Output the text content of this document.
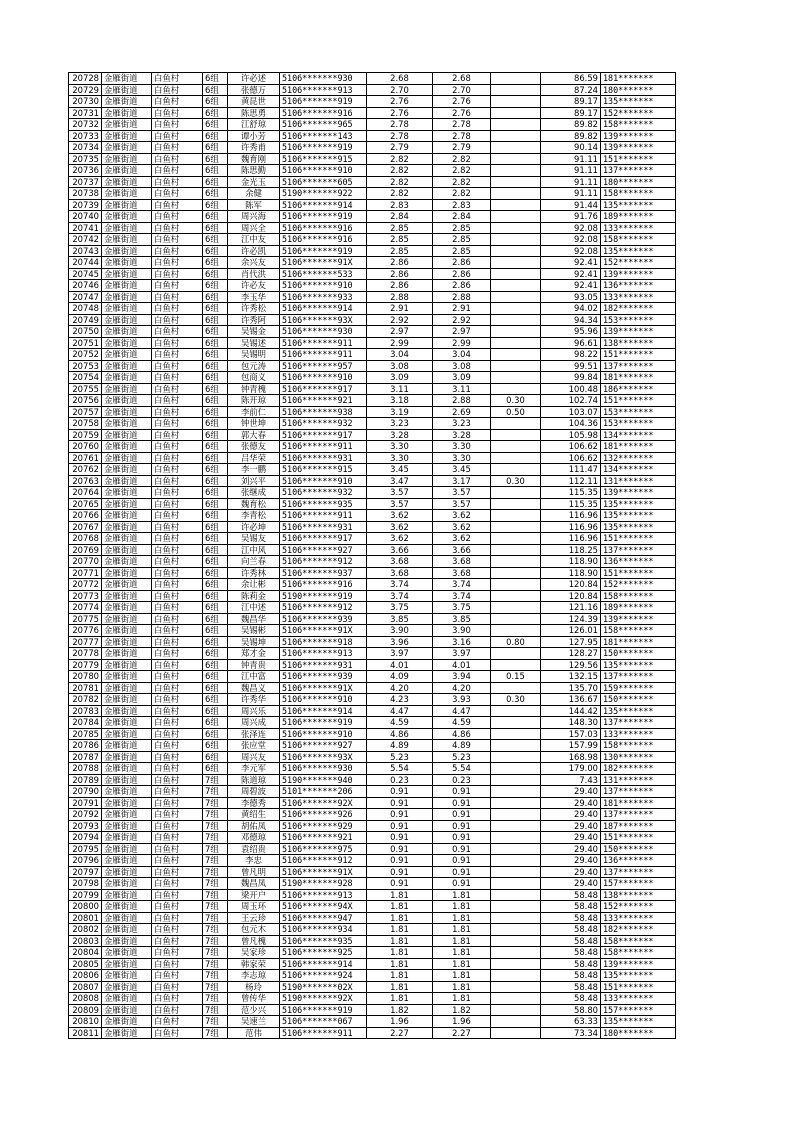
20728	金雁街道	白鱼村	6组	许必述	5106*******930	2.68	2.68		86.59	181*******
20729	金雁街道	白鱼村	6组	张德万	5106*******913	2.70	2.70		87.24	180*******
20730	金雁街道	白鱼村	6组	黄昆世	5106*******919	2.76	2.76		89.17	135*******
20731	金雁街道	白鱼村	6组	陈思勇	5106*******916	2.76	2.76		89.17	152*******
20732	金雁街道	白鱼村	6组	江舒琼	5106*******965	2.78	2.78		89.82	158*******
20733	金雁街道	白鱼村	6组	谭小芳	5106*******143	2.78	2.78		89.82	139*******
20734	金雁街道	白鱼村	6组	许秀甫	5106*******919	2.79	2.79		90.14	139*******
20735	金雁街道	白鱼村	6组	魏育刚	5106*******915	2.82	2.82		91.11	151*******
20736	金雁街道	白鱼村	6组	陈思勤	5106*******910	2.82	2.82		91.11	137*******
20737	金雁街道	白鱼村	6组	金光玉	5106*******605	2.82	2.82		91.11	180*******
20738	金雁街道	白鱼村	6组	余健	5190*******922	2.82	2.82		91.11	158*******
20739	金雁街道	白鱼村	6组	陈军	5106*******914	2.83	2.83		91.44	135*******
20740	金雁街道	白鱼村	6组	周兴海	5106*******919	2.84	2.84		91.76	189*******
20741	金雁街道	白鱼村	6组	周兴全	5106*******916	2.85	2.85		92.08	133*******
20742	金雁街道	白鱼村	6组	江中友	5106*******916	2.85	2.85		92.08	158*******
20743	金雁街道	白鱼村	6组	许必凯	5106*******919	2.85	2.85		92.08	135*******
20744	金雁街道	白鱼村	6组	余兴友	5106*******91X	2.86	2.86		92.41	152*******
20745	金雁街道	白鱼村	6组	肖代洪	5106*******533	2.86	2.86		92.41	139*******
20746	金雁街道	白鱼村	6组	许必友	5106*******910	2.86	2.86		92.41	136*******
20747	金雁街道	白鱼村	6组	李玉华	5106*******933	2.88	2.88		93.05	133*******
20748	金雁街道	白鱼村	6组	许秀松	5106*******914	2.91	2.91		94.02	182*******
20749	金雁街道	白鱼村	6组	许秀阿	5106*******93X	2.92	2.92		94.34	153*******
20750	金雁街道	白鱼村	6组	吴锡金	5106*******930	2.97	2.97		95.96	139*******
20751	金雁街道	白鱼村	6组	吴锡述	5106*******911	2.99	2.99		96.61	138*******
20752	金雁街道	白鱼村	6组	吴锡明	5106*******911	3.04	3.04		98.22	151*******
20753	金雁街道	白鱼村	6组	包元涛	5106*******957	3.08	3.08		99.51	137*******
20754	金雁街道	白鱼村	6组	包商义	5106*******910	3.09	3.09		99.84	181*******
20755	金雁街道	白鱼村	6组	钟青槐	5106*******917	3.11	3.11		100.48	186*******
20756	金雁街道	白鱼村	6组	陈开琼	5106*******921	3.18	2.88	0.30	102.74	151*******
20757	金雁街道	白鱼村	6组	李前仁	5106*******938	3.19	2.69	0.50	103.07	153*******
20758	金雁街道	白鱼村	6组	钟世坤	5106*******932	3.23	3.23		104.36	153*******
20759	金雁街道	白鱼村	6组	郭大春	5106*******917	3.28	3.28		105.98	134*******
20760	金雁街道	白鱼村	6组	张德友	5106*******911	3.30	3.30		106.62	181*******
20761	金雁街道	白鱼村	6组	吕华荣	5106*******931	3.30	3.30		106.62	132*******
20762	金雁街道	白鱼村	6组	李一鹏	5106*******915	3.45	3.45		111.47	134*******
20763	金雁街道	白鱼村	6组	刘兴平	5106*******910	3.47	3.17	0.30	112.11	131*******
20764	金雁街道	白鱼村	6组	张继成	5106*******932	3.57	3.57		115.35	139*******
20765	金雁街道	白鱼村	6组	魏育松	5106*******935	3.57	3.57		115.35	135*******
20766	金雁街道	白鱼村	6组	李青松	5106*******911	3.62	3.62		116.96	135*******
20767	金雁街道	白鱼村	6组	许必坤	5106*******931	3.62	3.62		116.96	135*******
20768	金雁街道	白鱼村	6组	吴锡友	5106*******917	3.62	3.62		116.96	151*******
20769	金雁街道	白鱼村	6组	江中风	5106*******927	3.66	3.66		118.25	137*******
20770	金雁街道	白鱼村	6组	向兰春	5106*******912	3.68	3.68		118.90	136*******
20771	金雁街道	白鱼村	6组	许秀林	5106*******937	3.68	3.68		118.90	151*******
20772	金雁街道	白鱼村	6组	余让彬	5106*******916	3.74	3.74		120.84	152*******
20773	金雁街道	白鱼村	6组	陈莉金	5190*******919	3.74	3.74		120.84	158*******
20774	金雁街道	白鱼村	6组	江中述	5106*******912	3.75	3.75		121.16	189*******
20775	金雁街道	白鱼村	6组	魏昌华	5106*******939	3.85	3.85		124.39	139*******
20776	金雁街道	白鱼村	6组	吴锡彬	5106*******91X	3.90	3.90		126.01	158*******
20777	金雁街道	白鱼村	6组	吴锡坤	5106*******918	3.96	3.16	0.80	127.95	181*******
20778	金雁街道	白鱼村	6组	郑才金	5106*******913	3.97	3.97		128.27	150*******
20779	金雁街道	白鱼村	6组	钟青贵	5106*******931	4.01	4.01		129.56	135*******
20780	金雁街道	白鱼村	6组	江中富	5106*******939	4.09	3.94	0.15	132.15	137*******
20781	金雁街道	白鱼村	6组	魏昌义	5106*******91X	4.20	4.20		135.70	159*******
20782	金雁街道	白鱼村	6组	许秀华	5106*******910	4.23	3.93	0.30	136.67	150*******
20783	金雁街道	白鱼村	6组	周兴乐	5106*******914	4.47	4.47		144.42	135*******
20784	金雁街道	白鱼村	6组	周兴成	5106*******919	4.59	4.59		148.30	137*******
20785	金雁街道	白鱼村	6组	张泽连	5106*******910	4.86	4.86		157.03	133*******
20786	金雁街道	白鱼村	6组	张应堂	5106*******927	4.89	4.89		157.99	158*******
20787	金雁街道	白鱼村	6组	周兴友	5106*******93X	5.23	5.23		168.98	130*******
20788	金雁街道	白鱼村	6组	李元军	5106*******930	5.54	5.54		179.00	182*******
20789	金雁街道	白鱼村	7组	陈道琼	5190*******940	0.23	0.23		7.43	131*******
20790	金雁街道	白鱼村	7组	周碧波	5101*******206	0.91	0.91		29.40	137*******
20791	金雁街道	白鱼村	7组	李德秀	5106*******92X	0.91	0.91		29.40	181*******
20792	金雁街道	白鱼村	7组	黄绍生	5106*******926	0.91	0.91		29.40	137*******
20793	金雁街道	白鱼村	7组	胡佑凤	5106*******929	0.91	0.91		29.40	187*******
20794	金雁街道	白鱼村	7组	邓德琼	5106*******921	0.91	0.91		29.40	151*******
20795	金雁街道	白鱼村	7组	袁绍贵	5106*******975	0.91	0.91		29.40	150*******
20796	金雁街道	白鱼村	7组	李忠	5106*******912	0.91	0.91		29.40	136*******
20797	金雁街道	白鱼村	7组	曾凡明	5106*******91X	0.91	0.91		29.40	137*******
20798	金雁街道	白鱼村	7组	魏昌凤	5190*******928	0.91	0.91		29.40	157*******
20799	金雁街道	白鱼村	7组	梁开户	5106*******913	1.81	1.81		58.48	138*******
20800	金雁街道	白鱼村	7组	周玉环	5106*******94X	1.81	1.81		58.48	152*******
20801	金雁街道	白鱼村	7组	王云珍	5106*******947	1.81	1.81		58.48	133*******
20802	金雁街道	白鱼村	7组	包元木	5106*******934	1.81	1.81		58.48	182*******
20803	金雁街道	白鱼村	7组	曾凡槐	5106*******935	1.81	1.81		58.48	158*******
20804	金雁街道	白鱼村	7组	吴家珍	5106*******925	1.81	1.81		58.48	158*******
20805	金雁街道	白鱼村	7组	韩家荣	5106*******914	1.81	1.81		58.48	139*******
20806	金雁街道	白鱼村	7组	李志琼	5106*******924	1.81	1.81		58.48	135*******
20807	金雁街道	白鱼村	7组	杨玲	5190*******02X	1.81	1.81		58.48	151*******
20808	金雁街道	白鱼村	7组	曾传华	5190*******92X	1.81	1.81		58.48	133*******
20809	金雁街道	白鱼村	7组	范少兴	5106*******919	1.82	1.82		58.80	157*******
20810	金雁街道	白鱼村	7组	吴速兰	5106*******067	1.96	1.96		63.33	135*******
20811	金雁街道	白鱼村	7组	范伟	5106*******911	2.27	2.27		73.34	180*******
